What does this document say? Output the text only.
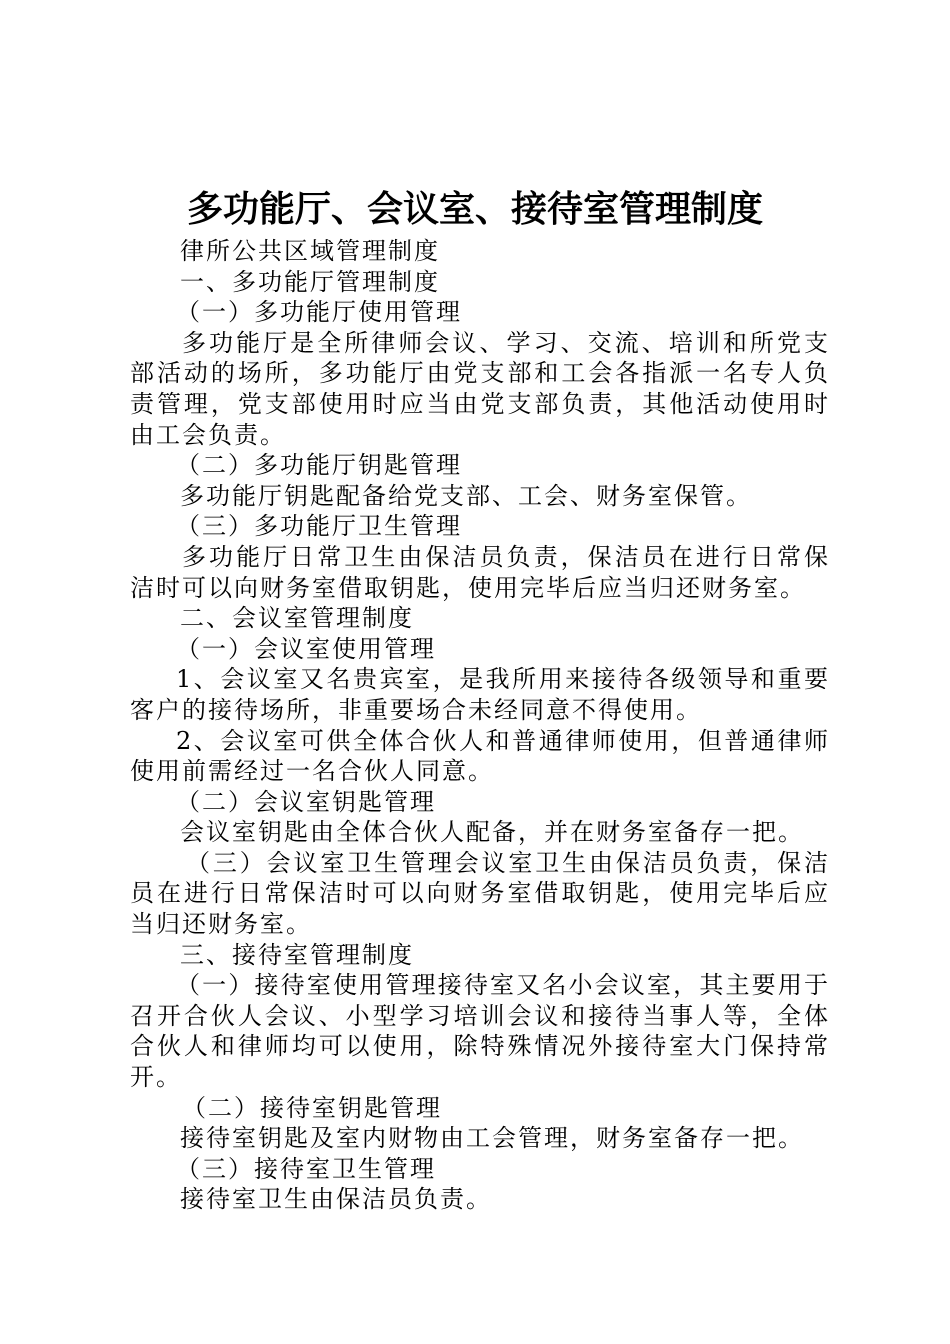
多功能厅、会议室、接待室管理制度

律所公共区域管理制度

一、多功能厅管理制度

（一）多功能厅使用管理

多功能厅是全所律师会议、学习、交流、培训和所党支部活动的场所，多功能厅由党支部和工会各指派一名专人负责管理，党支部使用时应当由党支部负责，其他活动使用时由工会负责。

（二）多功能厅钥匙管理

多功能厅钥匙配备给党支部、工会、财务室保管。

（三）多功能厅卫生管理

多功能厅日常卫生由保洁员负责，保洁员在进行日常保洁时可以向财务室借取钥匙，使用完毕后应当归还财务室。

二、会议室管理制度

（一）会议室使用管理

1、会议室又名贵宾室，是我所用来接待各级领导和重要客户的接待场所，非重要场合未经同意不得使用。

2、会议室可供全体合伙人和普通律师使用，但普通律师使用前需经过一名合伙人同意。

（二）会议室钥匙管理

会议室钥匙由全体合伙人配备，并在财务室备存一把。

（三）会议室卫生管理会议室卫生由保洁员负责，保洁员在进行日常保洁时可以向财务室借取钥匙，使用完毕后应当归还财务室。

三、接待室管理制度

（一）接待室使用管理接待室又名小会议室，其主要用于召开合伙人会议、小型学习培训会议和接待当事人等，全体合伙人和律师均可以使用，除特殊情况外接待室大门保持常开。

（二）接待室钥匙管理

接待室钥匙及室内财物由工会管理，财务室备存一把。

（三）接待室卫生管理

接待室卫生由保洁员负责。
